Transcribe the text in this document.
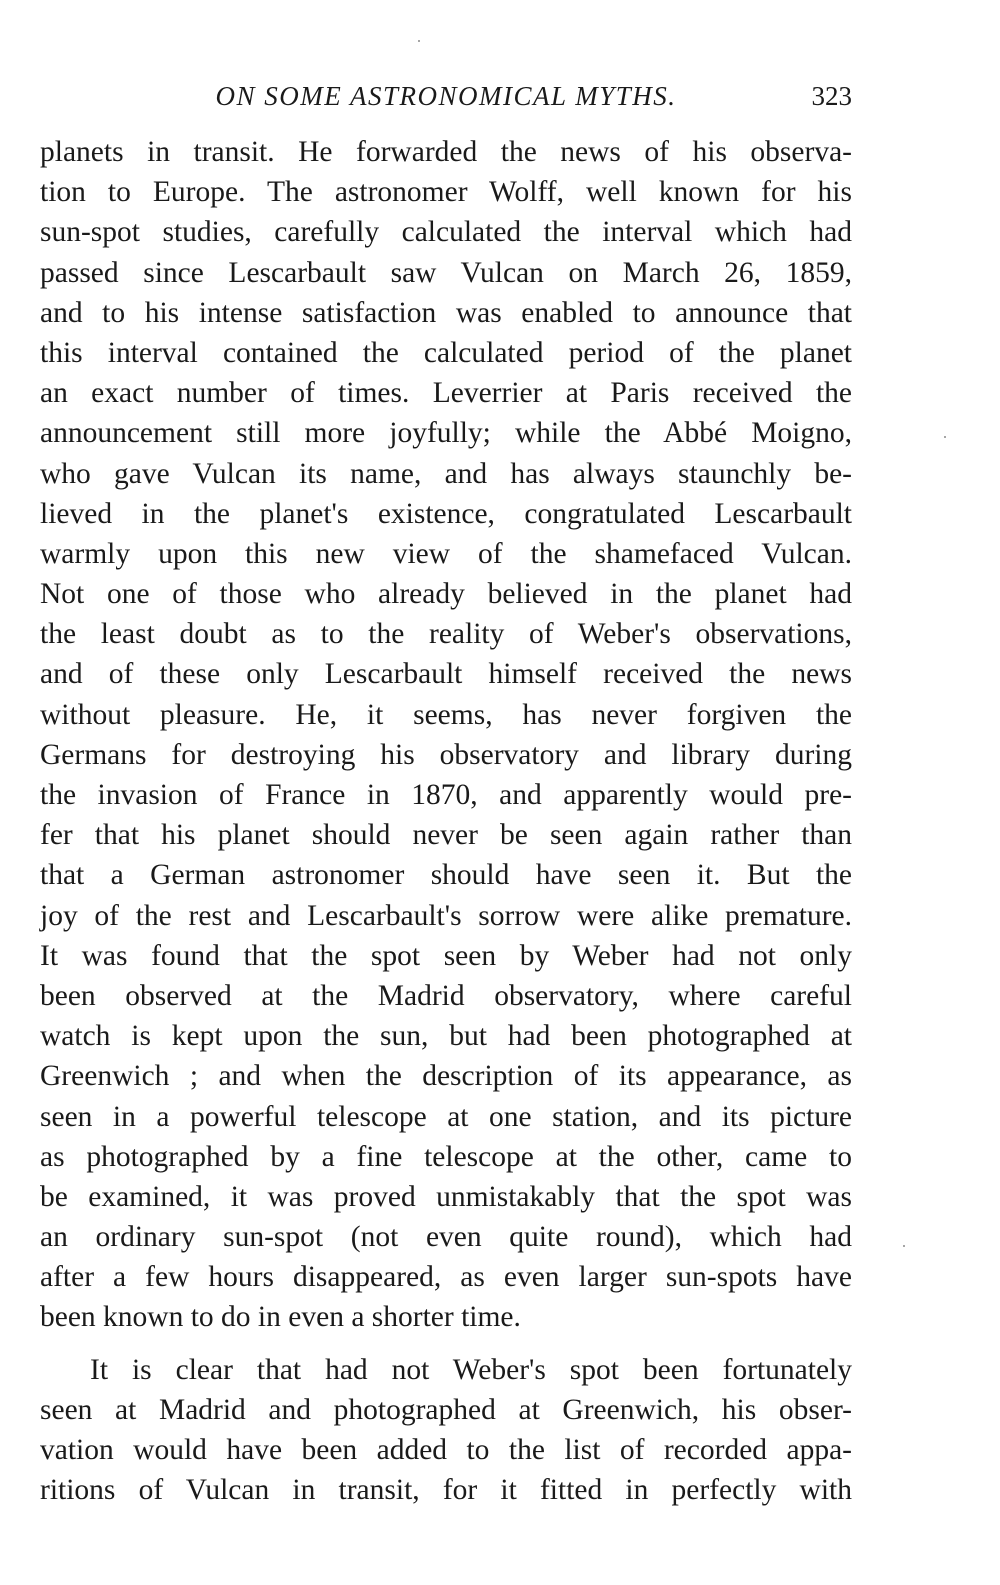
ON SOME ASTRONOMICAL MYTHS.	323
planets in transit. He forwarded the news of his observa-
tion to Europe. The astronomer Wolff, well known for his
sun-spot studies, carefully calculated the interval which had
passed since Lescarbault saw Vulcan on March 26, 1859,
and to his intense satisfaction was enabled to announce that
this interval contained the calculated period of the planet
an exact number of times. Leverrier at Paris received the
announcement still more joyfully; while the Abbé Moigno,
who gave Vulcan its name, and has always staunchly be-
lieved in the planet's existence, congratulated Lescarbault
warmly upon this new view of the shamefaced Vulcan.
Not one of those who already believed in the planet had
the least doubt as to the reality of Weber's observations,
and of these only Lescarbault himself received the news
without pleasure. He, it seems, has never forgiven the
Germans for destroying his observatory and library during
the invasion of France in 1870, and apparently would pre-
fer that his planet should never be seen again rather than
that a German astronomer should have seen it. But the
joy of the rest and Lescarbault's sorrow were alike premature.
It was found that the spot seen by Weber had not only
been observed at the Madrid observatory, where careful
watch is kept upon the sun, but had been photographed at
Greenwich ; and when the description of its appearance, as
seen in a powerful telescope at one station, and its picture
as photographed by a fine telescope at the other, came to
be examined, it was proved unmistakably that the spot was
an ordinary sun-spot (not even quite round), which had
after a few hours disappeared, as even larger sun-spots have
been known to do in even a shorter time.
It is clear that had not Weber's spot been fortunately
seen at Madrid and photographed at Greenwich, his obser-
vation would have been added to the list of recorded appa-
ritions of Vulcan in transit, for it fitted in perfectly with
